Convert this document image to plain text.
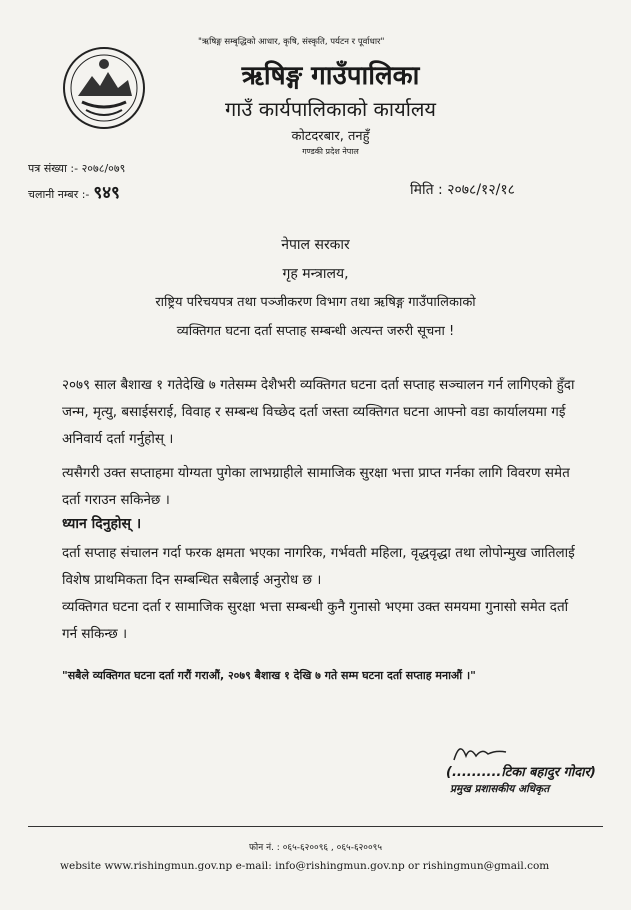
"ऋषिङ्ग सम्बृद्धिको आधार, कृषि, संस्कृति, पर्यटन र पूर्वाधार"
ऋषिङ्ग गाउँपालिका
गाउँ कार्यपालिकाको कार्यालय
कोटदरबार, तनहुँ
गण्डकी प्रदेश नेपाल
पत्र संख्या :- २०७८/०७९
चलानी नम्बर :- ९४९	मिति : २०७८/१२/१८
नेपाल सरकार
गृह मन्त्रालय,
राष्ट्रिय परिचयपत्र तथा पञ्जीकरण विभाग तथा ऋषिङ्ग गाउँपालिकाको
व्यक्तिगत घटना दर्ता सप्ताह सम्बन्धी अत्यन्त जरुरी सूचना !
२०७९ साल बैशाख १ गतेदेखि ७ गतेसम्म देशैभरी व्यक्तिगत घटना दर्ता सप्ताह सञ्चालन गर्न लागिएको हुँदा जन्म, मृत्यु, बसाईसराई, विवाह र सम्बन्ध विच्छेद दर्ता जस्ता व्यक्तिगत घटना आफ्नो वडा कार्यालयमा गई अनिवार्य दर्ता गर्नुहोस् ।
त्यसैगरी उक्त सप्ताहमा योग्यता पुगेका लाभग्राहीले सामाजिक सुरक्षा भत्ता प्राप्त गर्नका लागि विवरण समेत दर्ता गराउन सकिनेछ ।
ध्यान दिनुहोस् ।
दर्ता सप्ताह संचालन गर्दा फरक क्षमता भएका नागरिक, गर्भवती महिला, वृद्धवृद्धा तथा लोपोन्मुख जातिलाई विशेष प्राथमिकता दिन सम्बन्धित सबैलाई अनुरोध छ ।
व्यक्तिगत घटना दर्ता र सामाजिक सुरक्षा भत्ता सम्बन्धी कुनै गुनासो भएमा उक्त समयमा गुनासो समेत दर्ता गर्न सकिन्छ ।
"सबैले व्यक्तिगत घटना दर्ता गरौं गराऔं, २०७९ बैशाख १ देखि ७ गते सम्म घटना दर्ता सप्ताह मनाऔं ।"
(..........टिका बहादुर गोदार)
प्रमुख प्रशासकीय अधिकृत
फोन नं. : ०६५-६२००९६ , ०६५-६२००९५
website www.rishingmun.gov.np e-mail: info@rishingmun.gov.np or rishingmun@gmail.com
